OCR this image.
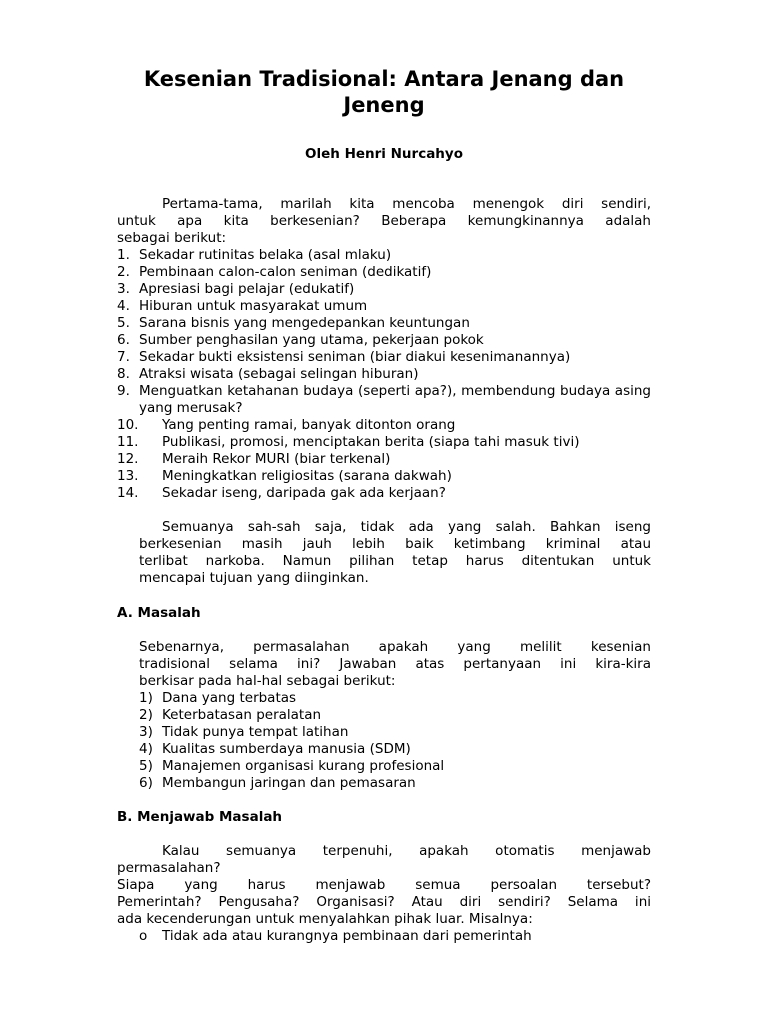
Kesenian Tradisional: Antara Jenang dan Jeneng
Oleh Henri Nurcahyo
Pertama-tama, marilah kita mencoba menengok diri sendiri,
untuk apa kita berkesenian? Beberapa kemungkinannya adalah
sebagai berikut:
1. Sekadar rutinitas belaka (asal mlaku)
2. Pembinaan calon-calon seniman (dedikatif)
3. Apresiasi bagi pelajar (edukatif)
4. Hiburan untuk masyarakat umum
5. Sarana bisnis yang mengedepankan keuntungan
6. Sumber penghasilan yang utama, pekerjaan pokok
7. Sekadar bukti eksistensi seniman (biar diakui kesenimanannya)
8. Atraksi wisata (sebagai selingan hiburan)
9. Menguatkan ketahanan budaya (seperti apa?), membendung budaya asing yang merusak?
10. Yang penting ramai, banyak ditonton orang
11. Publikasi, promosi, menciptakan berita (siapa tahi masuk tivi)
12. Meraih Rekor MURI (biar terkenal)
13. Meningkatkan religiositas (sarana dakwah)
14. Sekadar iseng, daripada gak ada kerjaan?
Semuanya sah-sah saja, tidak ada yang salah. Bahkan iseng
berkesenian masih jauh lebih baik ketimbang kriminal atau
terlibat narkoba. Namun pilihan tetap harus ditentukan untuk
mencapai tujuan yang diinginkan.
A. Masalah
Sebenarnya, permasalahan apakah yang melilit kesenian
tradisional selama ini? Jawaban atas pertanyaan ini kira-kira
berkisar pada hal-hal sebagai berikut:
1) Dana yang terbatas
2) Keterbatasan peralatan
3) Tidak punya tempat latihan
4) Kualitas sumberdaya manusia (SDM)
5) Manajemen organisasi kurang profesional
6) Membangun jaringan dan pemasaran
B. Menjawab Masalah
Kalau semuanya terpenuhi, apakah otomatis menjawab
permasalahan?
Siapa yang harus menjawab semua persoalan tersebut?
Pemerintah? Pengusaha? Organisasi? Atau diri sendiri? Selama ini
ada kecenderungan untuk menyalahkan pihak luar. Misalnya:
o Tidak ada atau kurangnya pembinaan dari pemerintah
